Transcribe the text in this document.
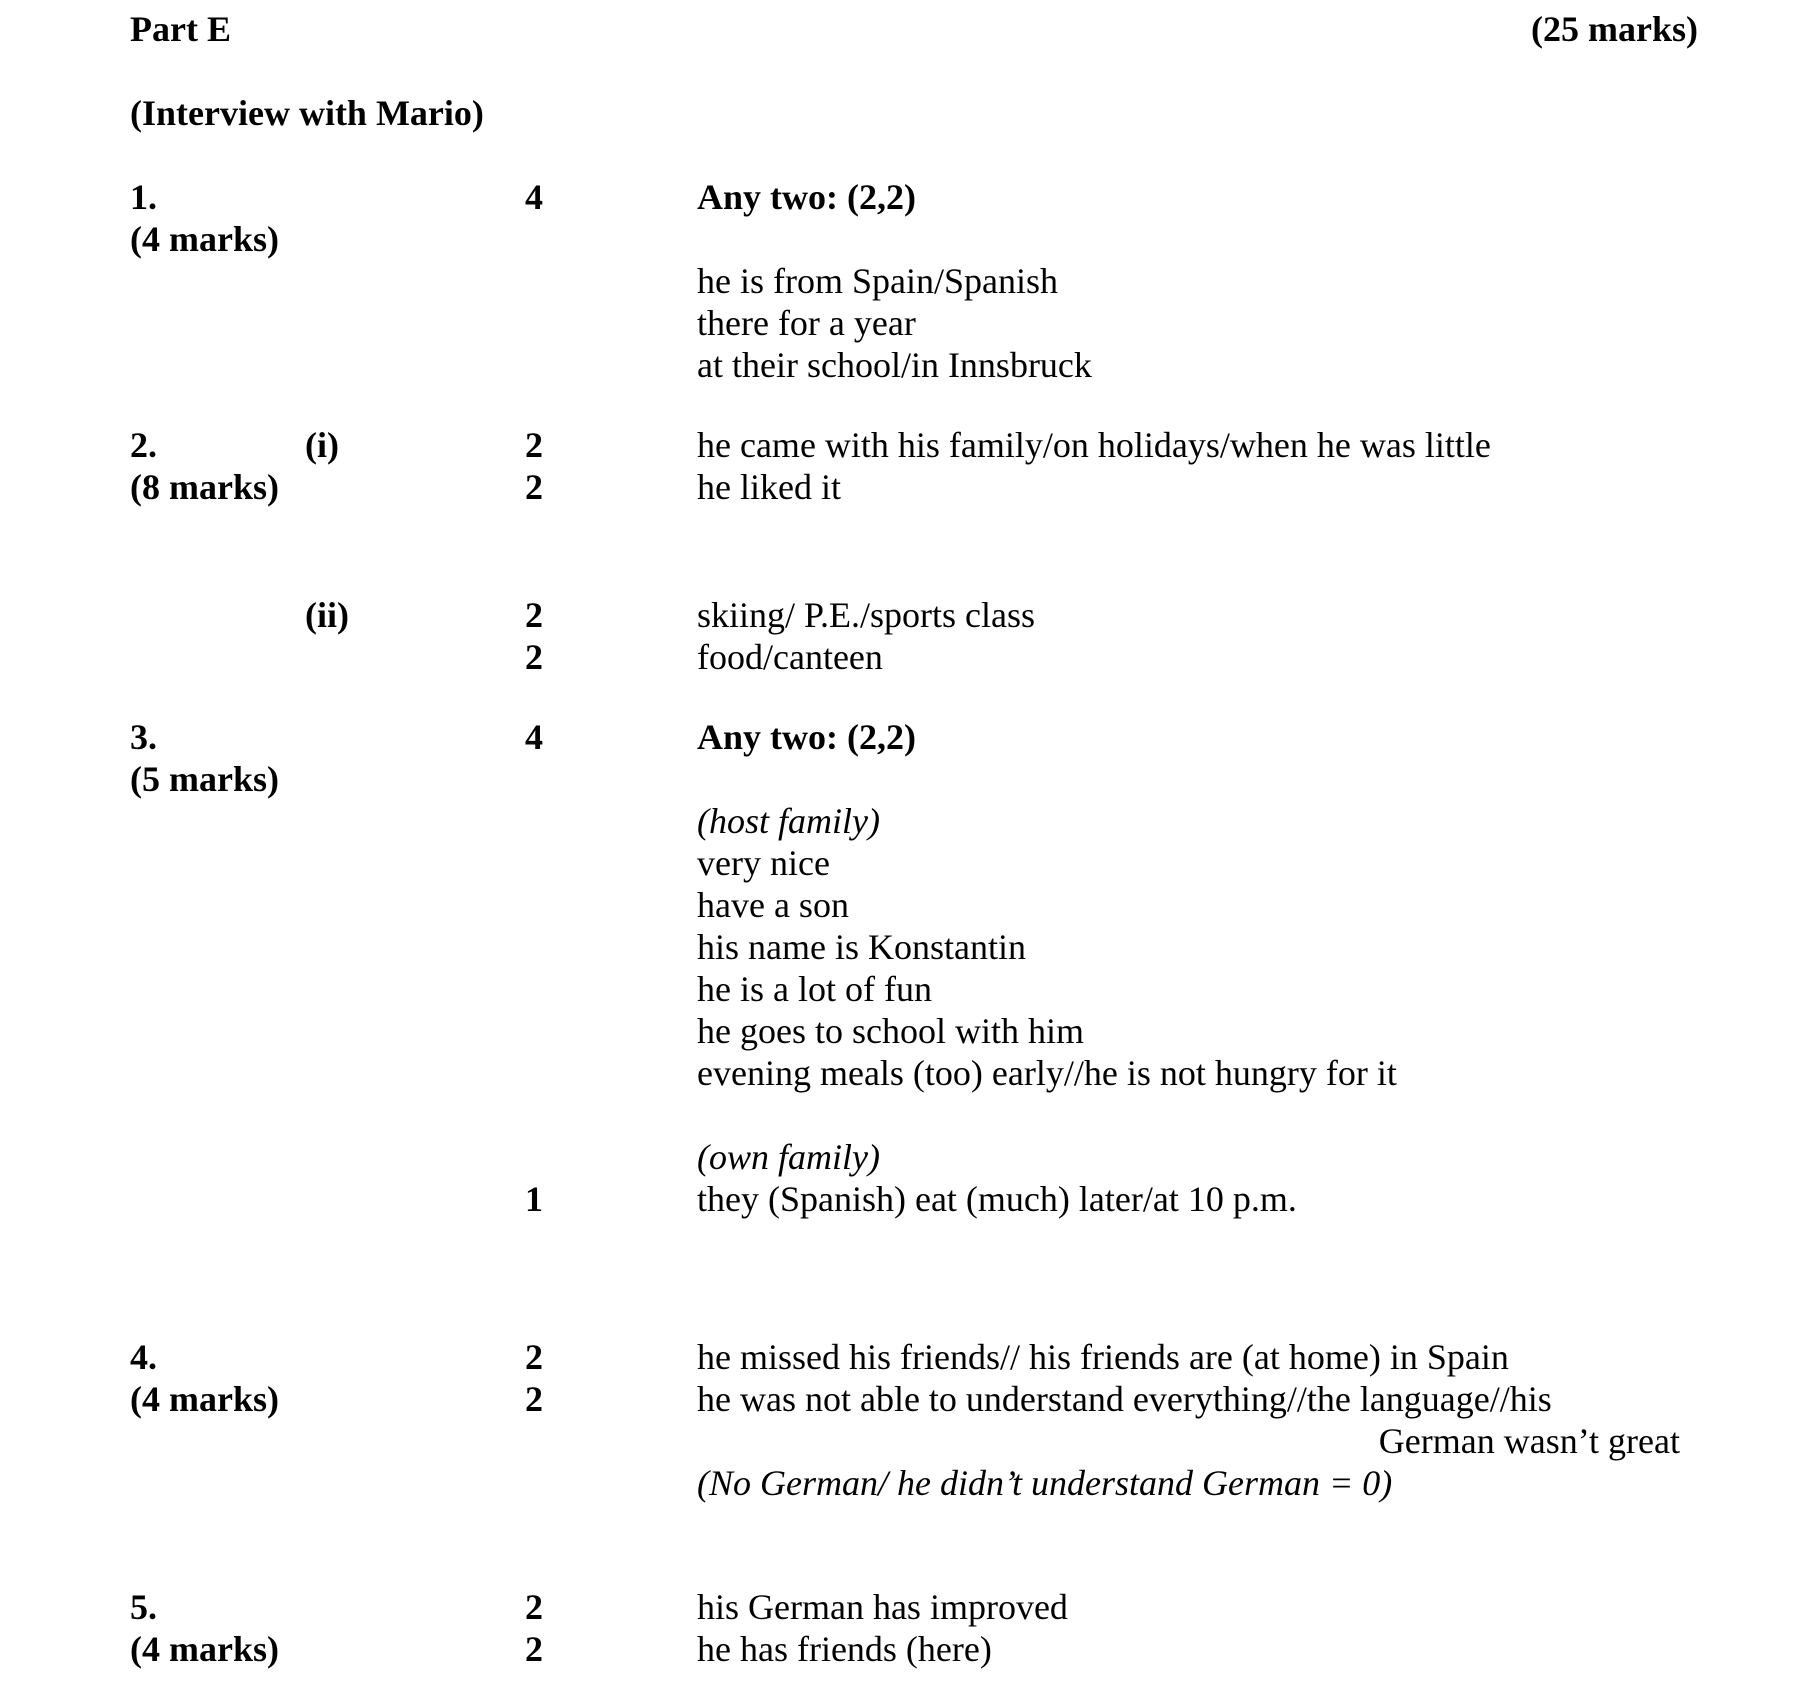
Part E	(25 marks)
(Interview with Mario)
1.
(4 marks)
4	Any two: (2,2)
he is from Spain/Spanish
there for a year
at their school/in Innsbruck
2.
(8 marks)
(i)	2	he came with his family/on holidays/when he was little
2	he liked it
(ii)	2	skiing/ P.E./sports class
2	food/canteen
3.
(5 marks)
4	Any two: (2,2)
(host family)
very nice
have a son
his name is Konstantin
he is a lot of fun
he goes to school with him
evening meals (too) early//he is not hungry for it
(own family)
1	they (Spanish) eat (much) later/at 10 p.m.
4.
(4 marks)
2	he missed his friends// his friends are (at home) in Spain
2	he was not able to understand everything//the language//his
German wasn’t great
(No German/ he didn’t understand German = 0)
5.
(4 marks)
2	his German has improved
2	he has friends (here)
